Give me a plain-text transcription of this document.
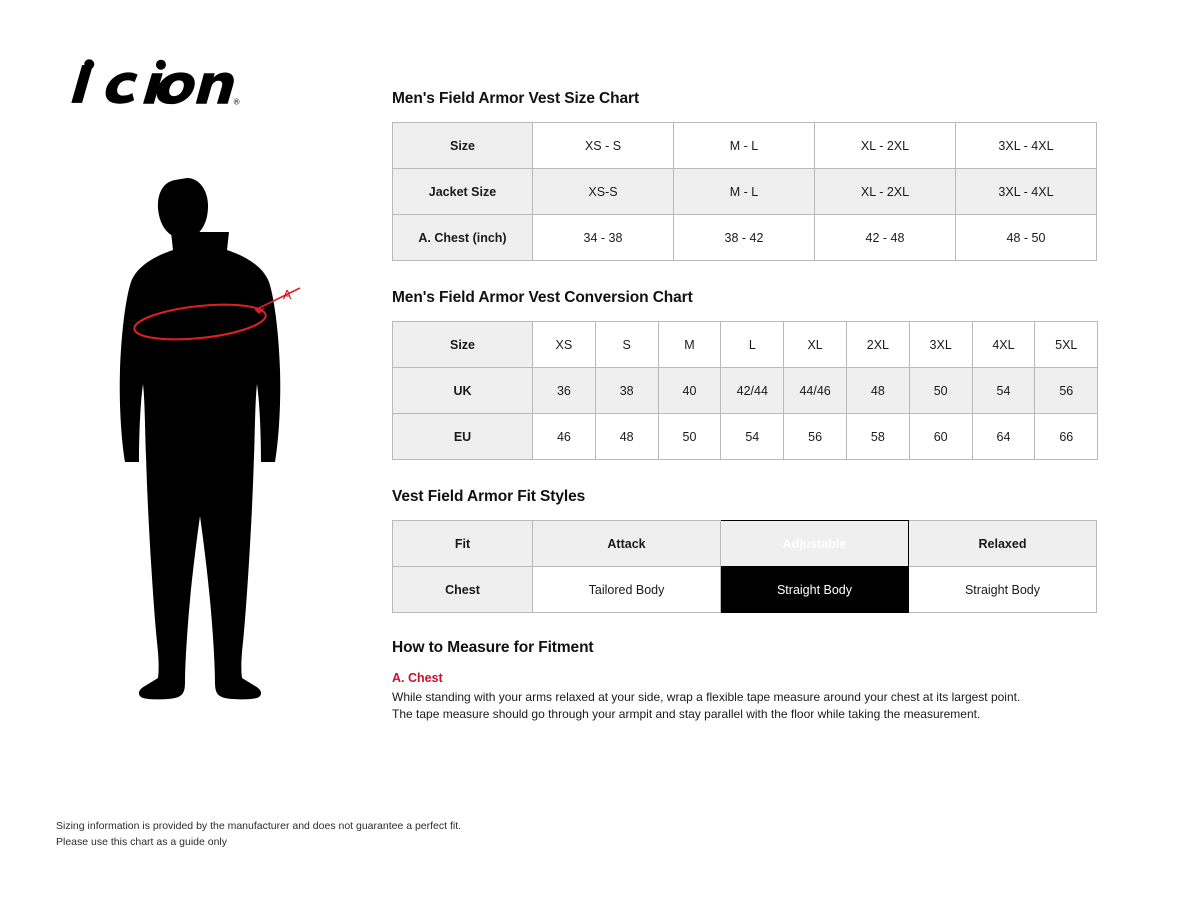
®
A
Men's Field Armor Vest Size Chart
Size	XS - S	M - L	XL - 2XL	3XL - 4XL
Jacket Size	XS-S	M - L	XL - 2XL	3XL - 4XL
A. Chest (inch)	34 - 38	38 - 42	42 - 48	48 - 50
Men's Field Armor Vest Conversion Chart
Size	XS	S	M	L	XL	2XL	3XL	4XL	5XL
UK	36	38	40	42/44	44/46	48	50	54	56
EU	46	48	50	54	56	58	60	64	66
Vest Field Armor Fit Styles
Fit	Attack	Adjustable	Relaxed
Chest	Tailored Body	Straight Body	Straight Body
How to Measure for Fitment

A. Chest

While standing with your arms relaxed at your side, wrap a flexible tape measure around your chest at its largest point.

The tape measure should go through your armpit and stay parallel with the floor while taking the measurement.

Sizing information is provided by the manufacturer and does not guarantee a perfect fit.
Please use this chart as a guide only
